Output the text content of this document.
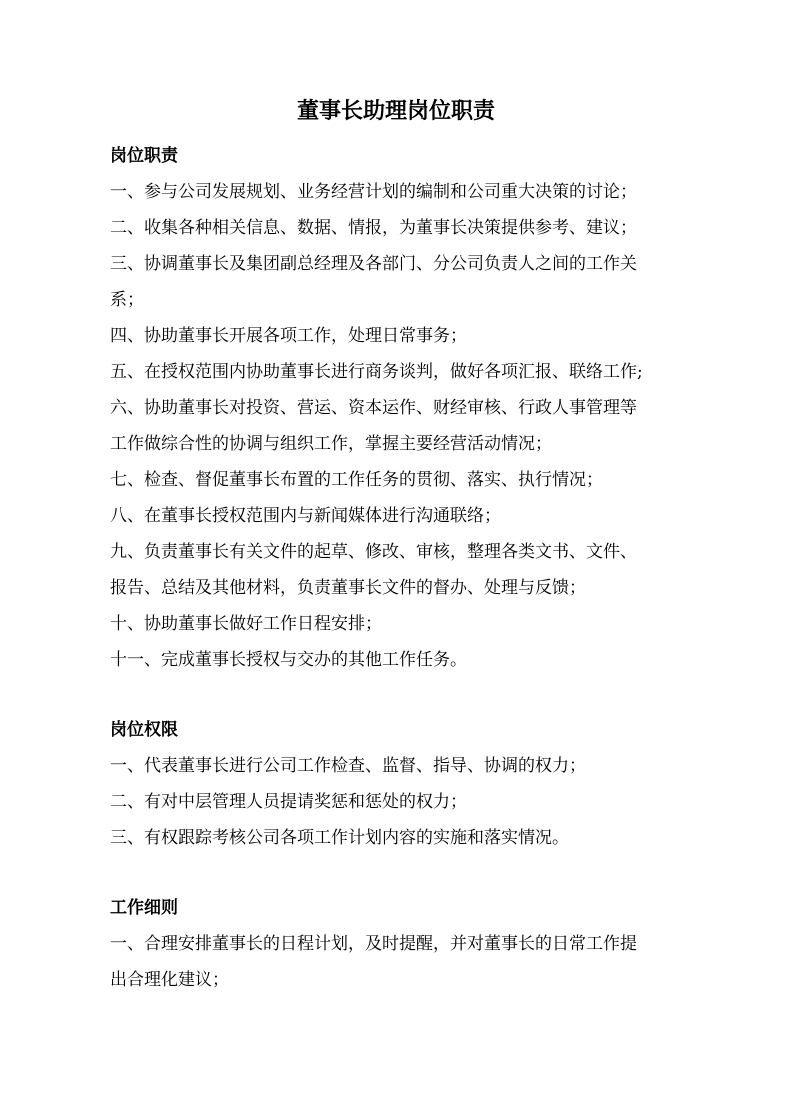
董事长助理岗位职责
岗位职责
一、参与公司发展规划、业务经营计划的编制和公司重大决策的讨论；
二、收集各种相关信息、数据、情报，为董事长决策提供参考、建议；
三、协调董事长及集团副总经理及各部门、分公司负责人之间的工作关
系；
四、协助董事长开展各项工作，处理日常事务；
五、在授权范围内协助董事长进行商务谈判，做好各项汇报、联络工作;
六、协助董事长对投资、营运、资本运作、财经审核、行政人事管理等
工作做综合性的协调与组织工作，掌握主要经营活动情况；
七、检查、督促董事长布置的工作任务的贯彻、落实、执行情况；
八、在董事长授权范围内与新闻媒体进行沟通联络；
九、负责董事长有关文件的起草、修改、审核，整理各类文书、文件、
报告、总结及其他材料，负责董事长文件的督办、处理与反馈；
十、协助董事长做好工作日程安排；
十一、完成董事长授权与交办的其他工作任务。
岗位权限
一、代表董事长进行公司工作检查、监督、指导、协调的权力；
二、有对中层管理人员提请奖惩和惩处的权力；
三、有权跟踪考核公司各项工作计划内容的实施和落实情况。
工作细则
一、合理安排董事长的日程计划，及时提醒，并对董事长的日常工作提
出合理化建议；
